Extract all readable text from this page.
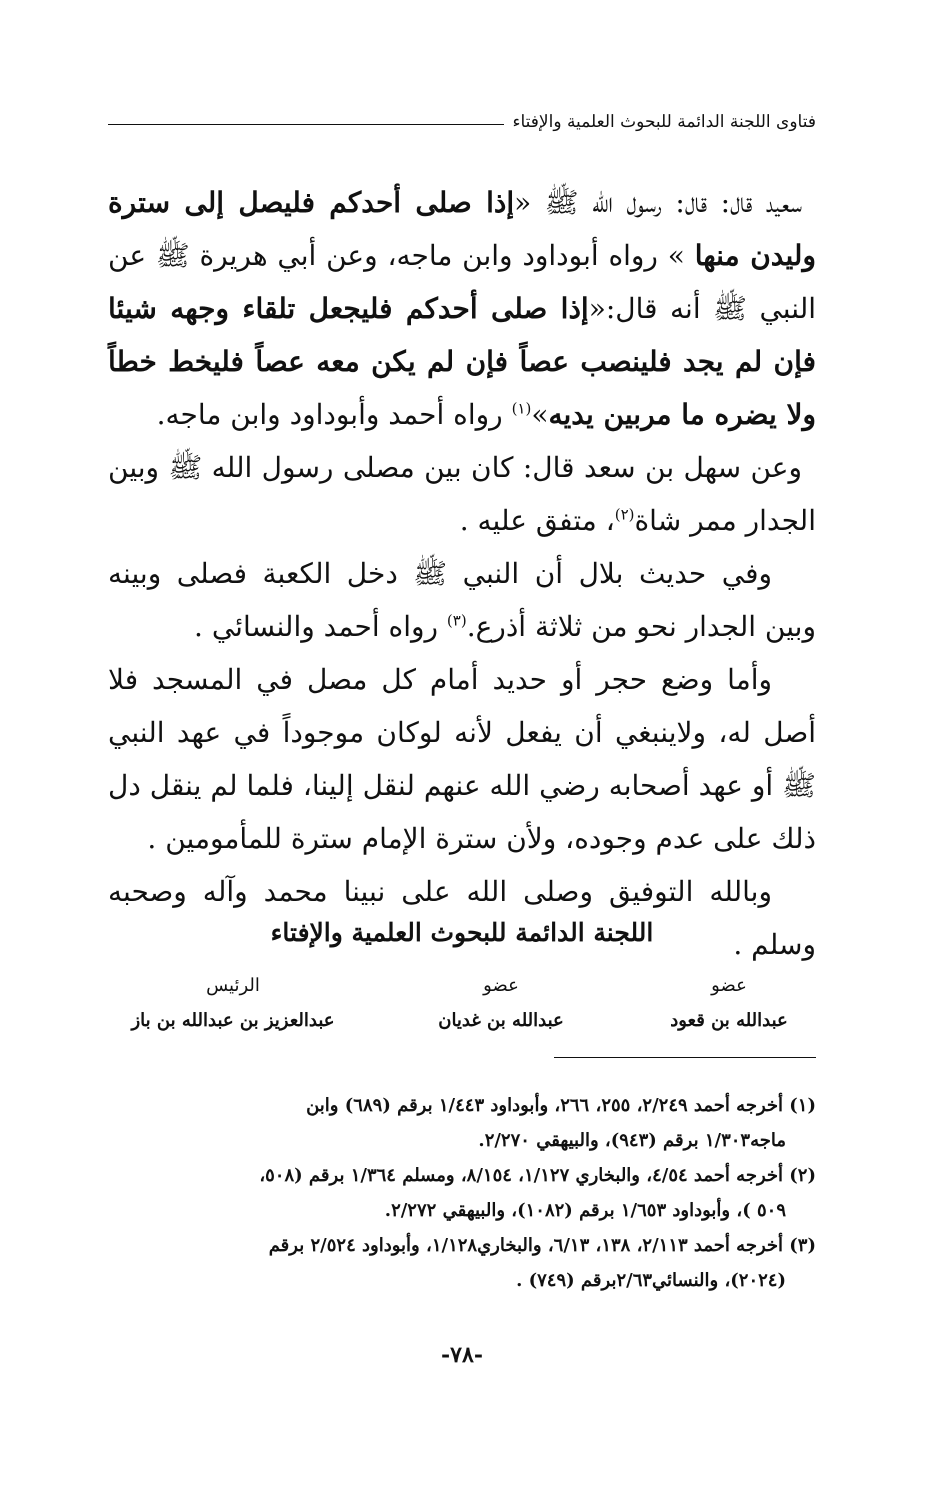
فتاوى اللجنة الدائمة للبحوث العلمية والإفتاء

سعيد قال: قال: رسول الله ﷺ «إذا صلى أحدكم فليصل إلى سترة وليدن منها » رواه أبوداود وابن ماجه، وعن أبي هريرة ﷺ عن النبي ﷺ أنه قال:«إذا صلى أحدكم فليجعل تلقاء وجهه شيئا فإن لم يجد فلينصب عصاً فإن لم يكن معه عصاً فليخط خطاً ولا يضره ما مربين يديه»$^{(١)}$ رواه أحمد وأبوداود وابن ماجه.

وعن سهل بن سعد قال: كان بين مصلى رسول الله ﷺ وبين الجدار ممر شاة$^{(٢)}$، متفق عليه .

وفي حديث بلال أن النبي ﷺ دخل الكعبة فصلى وبينه وبين الجدار نحو من ثلاثة أذرع.$^{(٣)}$ رواه أحمد والنسائي .

وأما وضع حجر أو حديد أمام كل مصل في المسجد فلا أصل له، ولاينبغي أن يفعل لأنه لوكان موجوداً في عهد النبي ﷺ أو عهد أصحابه رضي الله عنهم لنقل إلينا، فلما لم ينقل دل ذلك على عدم وجوده، ولأن سترة الإمام سترة للمأمومين .

وبالله التوفيق وصلى الله على نبينا محمد وآله وصحبه وسلم .

اللجنة الدائمة للبحوث العلمية والإفتاء
عضو
عبدالله بن قعود
عضو
عبدالله بن غديان
الرئيس
عبدالعزيز بن عبدالله بن باز

(١) أخرجه أحمد ٢/٢٤٩، ٢٥٥، ٢٦٦، وأبوداود ١/٤٤٣ برقم (٦٨٩) وابن
ماجه١/٣٠٣ برقم (٩٤٣)، والبيهقي ٢/٢٧٠.

(٢) أخرجه أحمد ٤/٥٤، والبخاري ١/١٢٧، ٨/١٥٤، ومسلم ١/٣٦٤ برقم (٥٠٨،
٥٠٩ )، وأبوداود ١/٦٥٣ برقم (١٠٨٢)، والبيهقي ٢/٢٧٢.

(٣) أخرجه أحمد ٢/١١٣، ١٣٨، ٦/١٣، والبخاري١/١٢٨، وأبوداود ٢/٥٢٤ برقم
(٢٠٢٤)، والنسائي٢/٦٣برقم (٧٤٩) .

-٧٨-
